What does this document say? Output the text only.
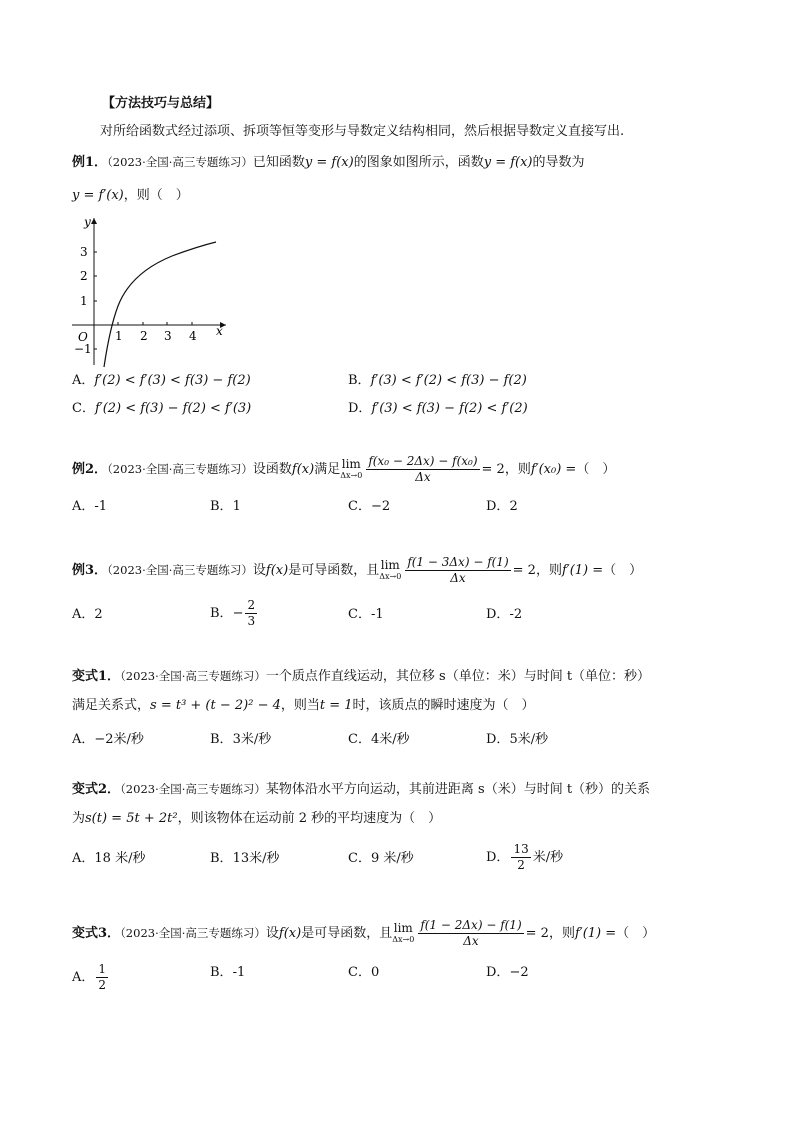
【方法技巧与总结】
对所给函数式经过添项、拆项等恒等变形与导数定义结构相同，然后根据导数定义直接写出.
例1．（2023·全国·高三专题练习）已知函数y = f(x)的图象如图所示，函数y = f(x)的导数为
y = f′(x)，则（　）
y
x
O 1 2 3 4
3
2
1
−1
A．f′(2) < f′(3) < f(3) − f(2)	B．f′(3) < f′(2) < f(3) − f(2)
C．f′(2) < f(3) − f(2) < f′(3)	D．f′(3) < f(3) − f(2) < f′(2)
例2．（2023·全国·高三专题练习）设函数f(x)满足 lim
$\Delta x\to 0 \frac{\text{f(x₀ − 2Δx) − f(x₀)}}{\Delta x} = 2$，则f′(x₀) =（　）
A．-1	B．1	C．−2	D．2
例3．（2023·全国·高三专题练习）设f(x)是可导函数，且 lim
$\Delta x\to 0 \frac{f(1 - 3\Delta x) - f(1)}{\Delta x} = 2$，则f′(1) =（　）
A．2	B．− $\frac{2}{3}$	C．-1	D．-2
变式1．（2023·全国·高三专题练习）一个质点作直线运动，其位移 s（单位：米）与时间 t（单位：秒）
满足关系式，s = t³ + (t − 2)² − 4，则当t = 1时，该质点的瞬时速度为（　）
A．−2米/秒	B．3米/秒	C．4米/秒	D．5米/秒
变式2．（2023·全国·高三专题练习）某物体沿水平方向运动，其前进距离 s（米）与时间 t（秒）的关系
为s(t) = 5t + 2t²，则该物体在运动前 2 秒的平均速度为（　）
A．18 米/秒	B．13米/秒	C．9 米/秒	D． $\frac{13}{2}$ 米/秒
变式3．（2023·全国·高三专题练习）设f(x)是可导函数，且 lim
$\Delta x\to 0 \frac{f(1 - 2\Delta x) - f(1)}{\Delta x} = 2$，则f′(1) =（　）
A． $\frac{1}{2}$	B．-1	C．0	D．−2
